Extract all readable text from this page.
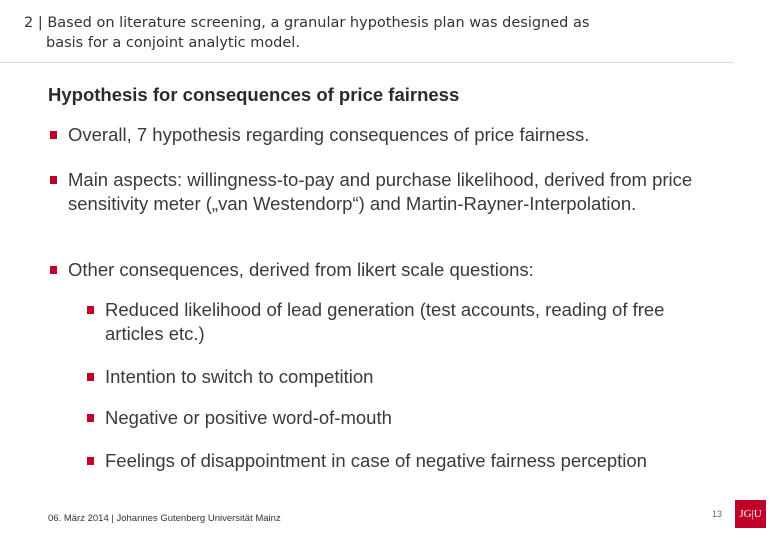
2 | Based on literature screening, a granular hypothesis plan was designed as
basis for a conjoint analytic model.
Hypothesis for consequences of price fairness
Overall, 7 hypothesis regarding consequences of price fairness.
Main aspects: willingness-to-pay and purchase likelihood, derived from price sensitivity meter („van Westendorp“) and Martin-Rayner-Interpolation.
Other consequences, derived from likert scale questions:
Reduced likelihood of lead generation (test accounts, reading of free articles etc.)
Intention to switch to competition
Negative or positive word-of-mouth
Feelings of disappointment in case of negative fairness perception
06. März 2014 | Johannes Gutenberg Universität Mainz	13 JG|U
